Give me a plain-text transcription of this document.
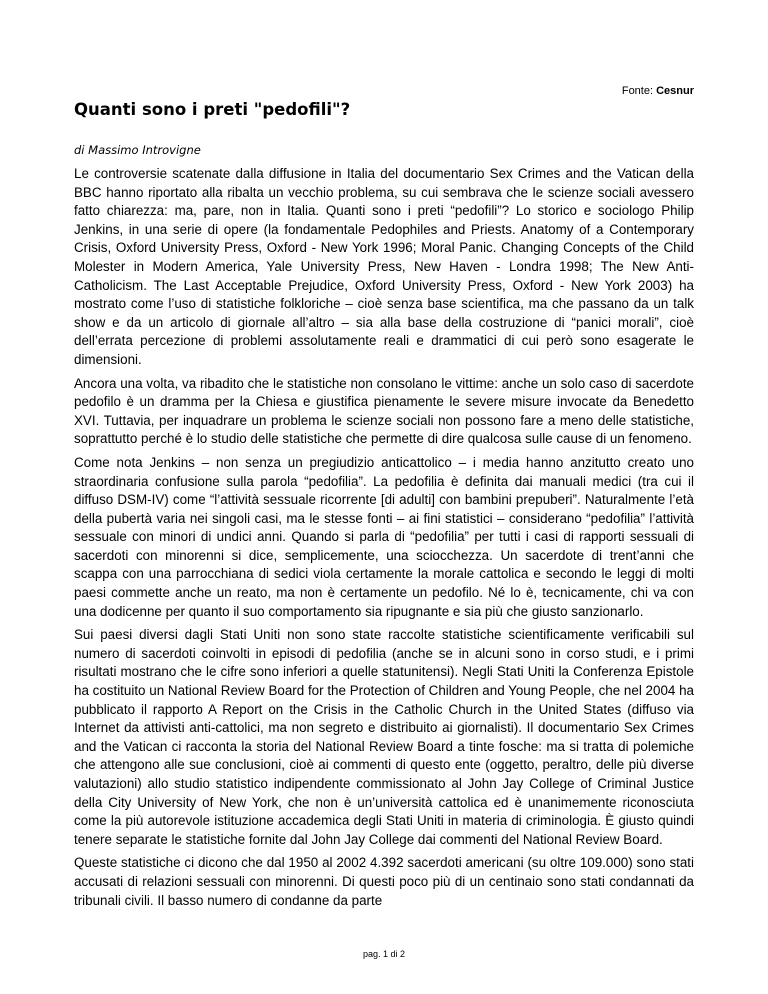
Fonte: Cesnur
Quanti sono i preti "pedofili"?
di Massimo Introvigne

Le controversie scatenate dalla diffusione in Italia del documentario Sex Crimes and the Vatican della BBC hanno riportato alla ribalta un vecchio problema, su cui sembrava che le scienze sociali avessero fatto chiarezza: ma, pare, non in Italia. Quanti sono i preti “pedofili”? Lo storico e sociologo Philip Jenkins, in una serie di opere (la fondamentale Pedophiles and Priests. Anatomy of a Contemporary Crisis, Oxford University Press, Oxford - New York 1996; Moral Panic. Changing Concepts of the Child Molester in Modern America, Yale University Press, New Haven - Londra 1998; The New Anti-Catholicism. The Last Acceptable Prejudice, Oxford University Press, Oxford - New York 2003) ha mostrato come l’uso di statistiche folkloriche – cioè senza base scientifica, ma che passano da un talk show e da un articolo di giornale all’altro – sia alla base della costruzione di “panici morali”, cioè dell’errata percezione di problemi assolutamente reali e drammatici di cui però sono esagerate le dimensioni.

Ancora una volta, va ribadito che le statistiche non consolano le vittime: anche un solo caso di sacerdote pedofilo è un dramma per la Chiesa e giustifica pienamente le severe misure invocate da Benedetto XVI. Tuttavia, per inquadrare un problema le scienze sociali non possono fare a meno delle statistiche, soprattutto perché è lo studio delle statistiche che permette di dire qualcosa sulle cause di un fenomeno.

Come nota Jenkins – non senza un pregiudizio anticattolico – i media hanno anzitutto creato uno straordinaria confusione sulla parola “pedofilia”. La pedofilia è definita dai manuali medici (tra cui il diffuso DSM-IV) come “l’attività sessuale ricorrente [di adulti] con bambini prepuberi”. Naturalmente l’età della pubertà varia nei singoli casi, ma le stesse fonti – ai fini statistici – considerano “pedofilia” l’attività sessuale con minori di undici anni. Quando si parla di “pedofilia” per tutti i casi di rapporti sessuali di sacerdoti con minorenni si dice, semplicemente, una sciocchezza. Un sacerdote di trent’anni che scappa con una parrocchiana di sedici viola certamente la morale cattolica e secondo le leggi di molti paesi commette anche un reato, ma non è certamente un pedofilo. Né lo è, tecnicamente, chi va con una dodicenne per quanto il suo comportamento sia ripugnante e sia più che giusto sanzionarlo.

Sui paesi diversi dagli Stati Uniti non sono state raccolte statistiche scientificamente verificabili sul numero di sacerdoti coinvolti in episodi di pedofilia (anche se in alcuni sono in corso studi, e i primi risultati mostrano che le cifre sono inferiori a quelle statunitensi). Negli Stati Uniti la Conferenza Epistole ha costituito un National Review Board for the Protection of Children and Young People, che nel 2004 ha pubblicato il rapporto A Report on the Crisis in the Catholic Church in the United States (diffuso via Internet da attivisti anti-cattolici, ma non segreto e distribuito ai giornalisti). Il documentario Sex Crimes and the Vatican ci racconta la storia del National Review Board a tinte fosche: ma si tratta di polemiche che attengono alle sue conclusioni, cioè ai commenti di questo ente (oggetto, peraltro, delle più diverse valutazioni) allo studio statistico indipendente commissionato al John Jay College of Criminal Justice della City University of New York, che non è un’università cattolica ed è unanimemente riconosciuta come la più autorevole istituzione accademica degli Stati Uniti in materia di criminologia. È giusto quindi tenere separate le statistiche fornite dal John Jay College dai commenti del National Review Board.

Queste statistiche ci dicono che dal 1950 al 2002 4.392 sacerdoti americani (su oltre 109.000) sono stati accusati di relazioni sessuali con minorenni. Di questi poco più di un centinaio sono stati condannati da tribunali civili. Il basso numero di condanne da parte

pag. 1 di 2
